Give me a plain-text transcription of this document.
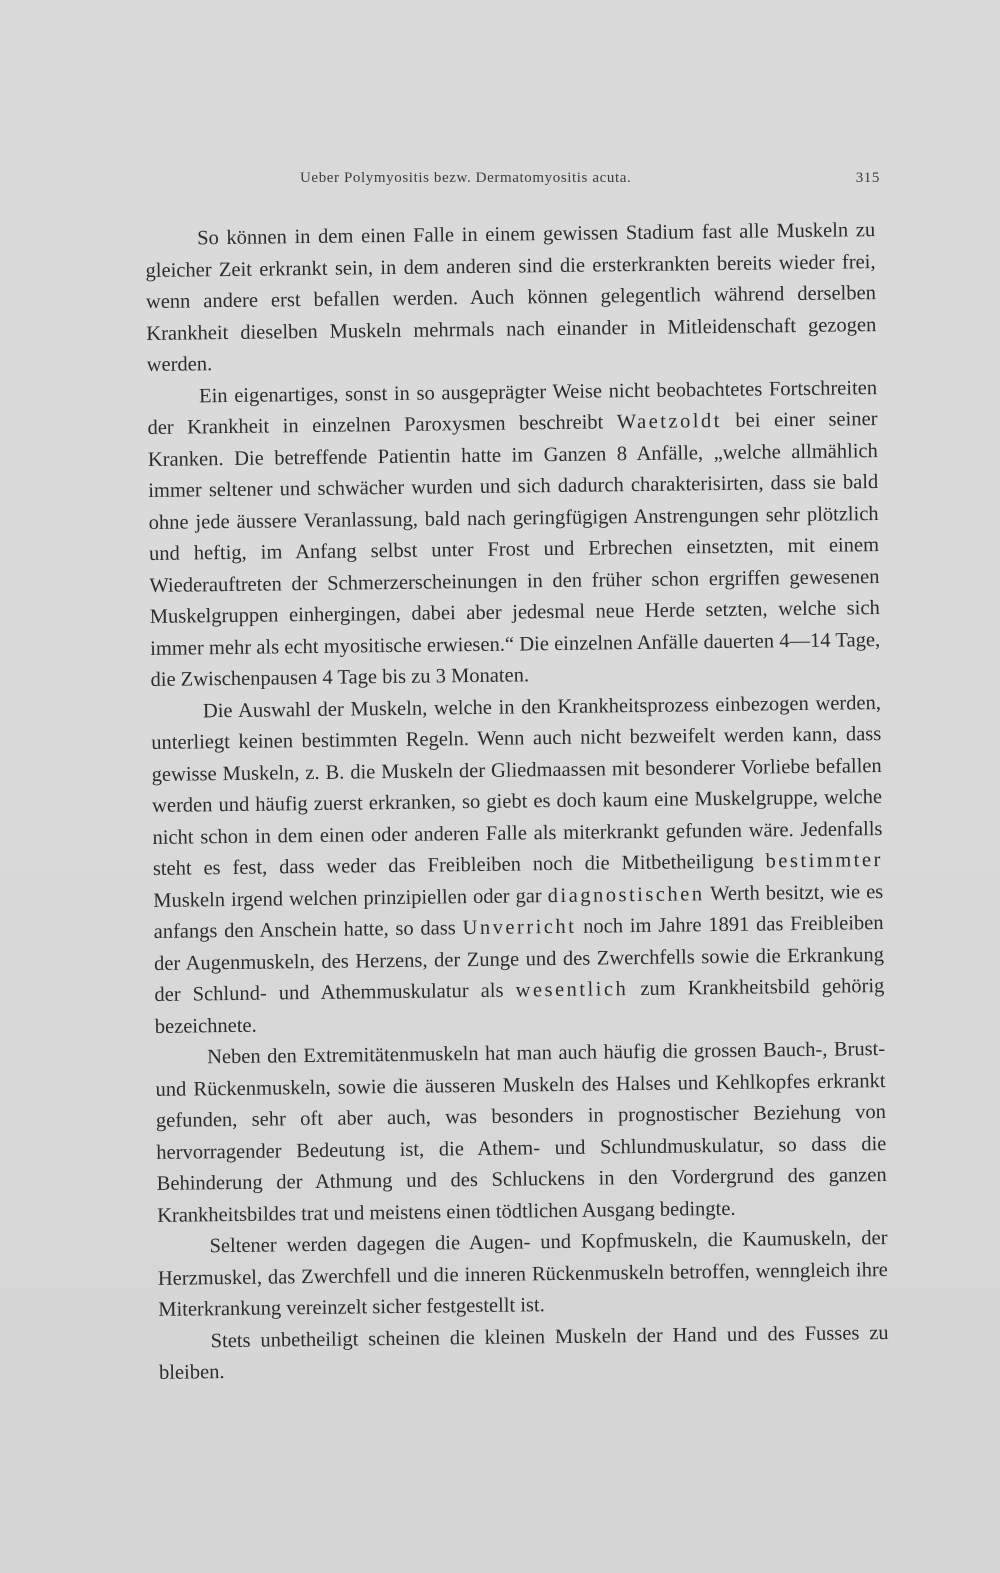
Ueber Polymyositis bezw. Dermatomyositis acuta.	315

So können in dem einen Falle in einem gewissen Stadium fast alle Muskeln zu gleicher Zeit erkrankt sein, in dem anderen sind die ersterkrankten bereits wieder frei, wenn andere erst befallen werden. Auch können gelegentlich während derselben Krankheit dieselben Muskeln mehrmals nach einander in Mitleidenschaft gezogen werden.

Ein eigenartiges, sonst in so ausgeprägter Weise nicht beobachtetes Fortschreiten der Krankheit in einzelnen Paroxysmen beschreibt Waetzoldt bei einer seiner Kranken. Die betreffende Patientin hatte im Ganzen 8 Anfälle, „welche allmählich immer seltener und schwächer wurden und sich dadurch charakterisirten, dass sie bald ohne jede äussere Veranlassung, bald nach geringfügigen Anstrengungen sehr plötzlich und heftig, im Anfang selbst unter Frost und Erbrechen einsetzten, mit einem Wiederauftreten der Schmerzerscheinungen in den früher schon ergriffen gewesenen Muskelgruppen einhergingen, dabei aber jedesmal neue Herde setzten, welche sich immer mehr als echt myositische erwiesen.“ Die einzelnen Anfälle dauerten 4—14 Tage, die Zwischenpausen 4 Tage bis zu 3 Monaten.

Die Auswahl der Muskeln, welche in den Krankheitsprozess einbezogen werden, unterliegt keinen bestimmten Regeln. Wenn auch nicht bezweifelt werden kann, dass gewisse Muskeln, z. B. die Muskeln der Gliedmaassen mit besonderer Vorliebe befallen werden und häufig zuerst erkranken, so giebt es doch kaum eine Muskelgruppe, welche nicht schon in dem einen oder anderen Falle als miterkrankt gefunden wäre. Jedenfalls steht es fest, dass weder das Freibleiben noch die Mitbetheiligung bestimmter Muskeln irgend welchen prinzipiellen oder gar diagnostischen Werth besitzt, wie es anfangs den Anschein hatte, so dass Unverricht noch im Jahre 1891 das Freibleiben der Augenmuskeln, des Herzens, der Zunge und des Zwerchfells sowie die Erkrankung der Schlund- und Athemmuskulatur als wesentlich zum Krankheitsbild gehörig bezeichnete.

Neben den Extremitätenmuskeln hat man auch häufig die grossen Bauch-, Brust- und Rückenmuskeln, sowie die äusseren Muskeln des Halses und Kehlkopfes erkrankt gefunden, sehr oft aber auch, was besonders in prognostischer Beziehung von hervorragender Bedeutung ist, die Athem- und Schlundmuskulatur, so dass die Behinderung der Athmung und des Schluckens in den Vordergrund des ganzen Krankheitsbildes trat und meistens einen tödtlichen Ausgang bedingte.

Seltener werden dagegen die Augen- und Kopfmuskeln, die Kaumuskeln, der Herzmuskel, das Zwerchfell und die inneren Rückenmuskeln betroffen, wenngleich ihre Miterkrankung vereinzelt sicher festgestellt ist.

Stets unbetheiligt scheinen die kleinen Muskeln der Hand und des Fusses zu bleiben.
